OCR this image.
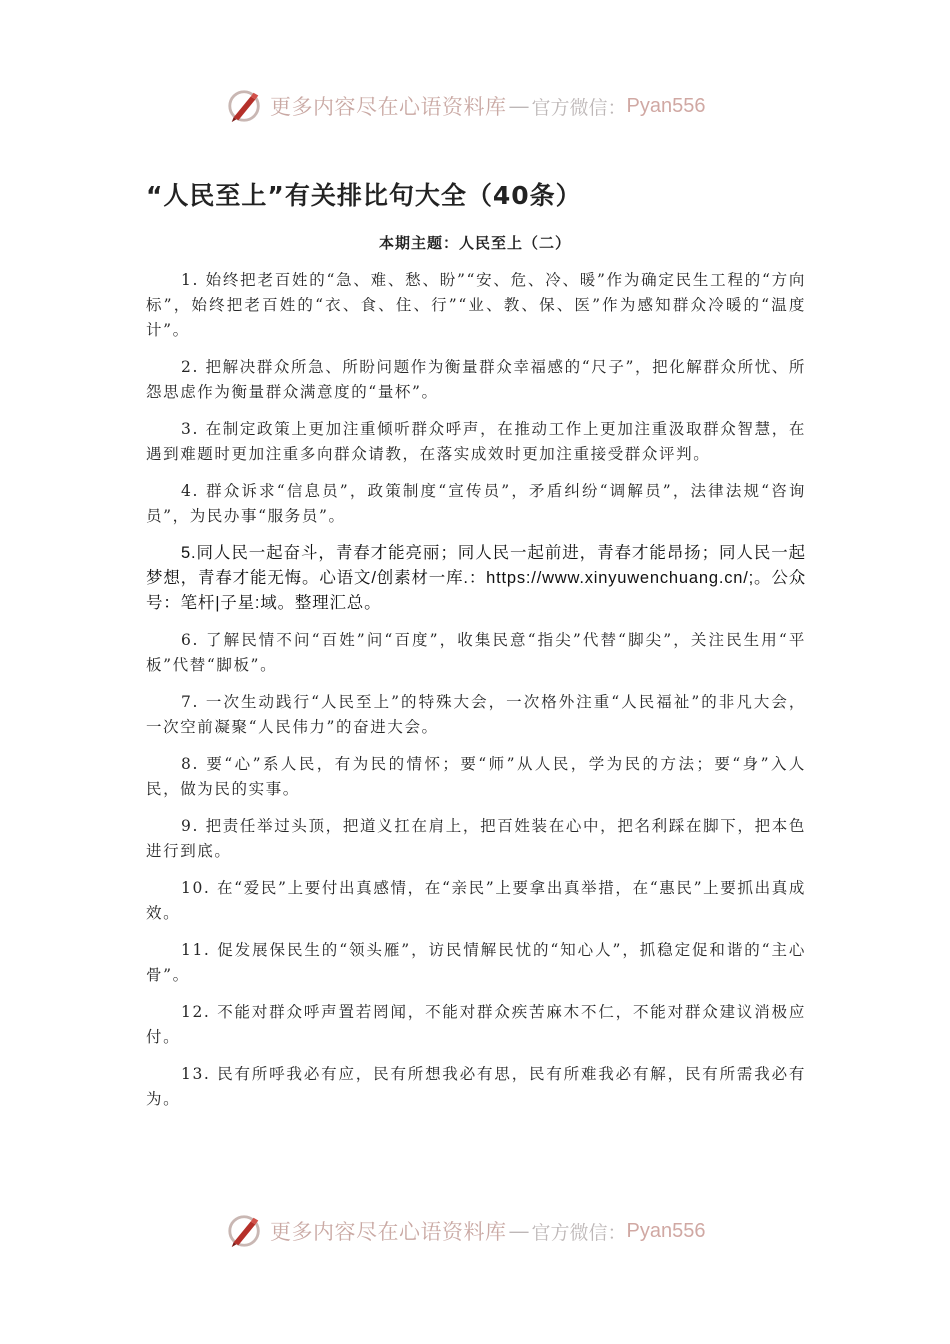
更多内容尽在心语资料库 — 官方微信： Pyan556
“人民至上”有关排比句大全（40条）
本期主题：人民至上（二）

1. 始终把老百姓的“急、难、愁、盼”“安、危、冷、暖”作为确定民生工程的“方向标”，始终把老百姓的“衣、食、住、行”“业、教、保、医”作为感知群众冷暖的“温度计”。

2. 把解决群众所急、所盼问题作为衡量群众幸福感的“尺子”，把化解群众所忧、所怨思虑作为衡量群众满意度的“量杯”。

3. 在制定政策上更加注重倾听群众呼声，在推动工作上更加注重汲取群众智慧，在遇到难题时更加注重多向群众请教，在落实成效时更加注重接受群众评判。

4. 群众诉求“信息员”，政策制度“宣传员”，矛盾纠纷“调解员”，法律法规“咨询员”，为民办事“服务员”。

5.同人民一起奋斗，青春才能亮丽；同人民一起前进，青春才能昂扬；同人民一起梦想，青春才能无悔。心语文/创素材一库.：https://www.xinyuwenchuang.cn/;。公众号：笔杆|子星:域。整理汇总。

6. 了解民情不问“百姓”问“百度”，收集民意“指尖”代替“脚尖”，关注民生用“平板”代替“脚板”。

7. 一次生动践行“人民至上”的特殊大会，一次格外注重“人民福祉”的非凡大会，一次空前凝聚“人民伟力”的奋进大会。

8. 要“心”系人民，有为民的情怀；要“师”从人民，学为民的方法；要“身”入人民，做为民的实事。

9. 把责任举过头顶，把道义扛在肩上，把百姓装在心中，把名利踩在脚下，把本色进行到底。

10. 在“爱民”上要付出真感情，在“亲民”上要拿出真举措，在“惠民”上要抓出真成效。

11. 促发展保民生的“领头雁”，访民情解民忧的“知心人”，抓稳定促和谐的“主心骨”。

12. 不能对群众呼声置若罔闻，不能对群众疾苦麻木不仁，不能对群众建议消极应付。

13. 民有所呼我必有应，民有所想我必有思，民有所难我必有解，民有所需我必有为。

更多内容尽在心语资料库 — 官方微信： Pyan556
